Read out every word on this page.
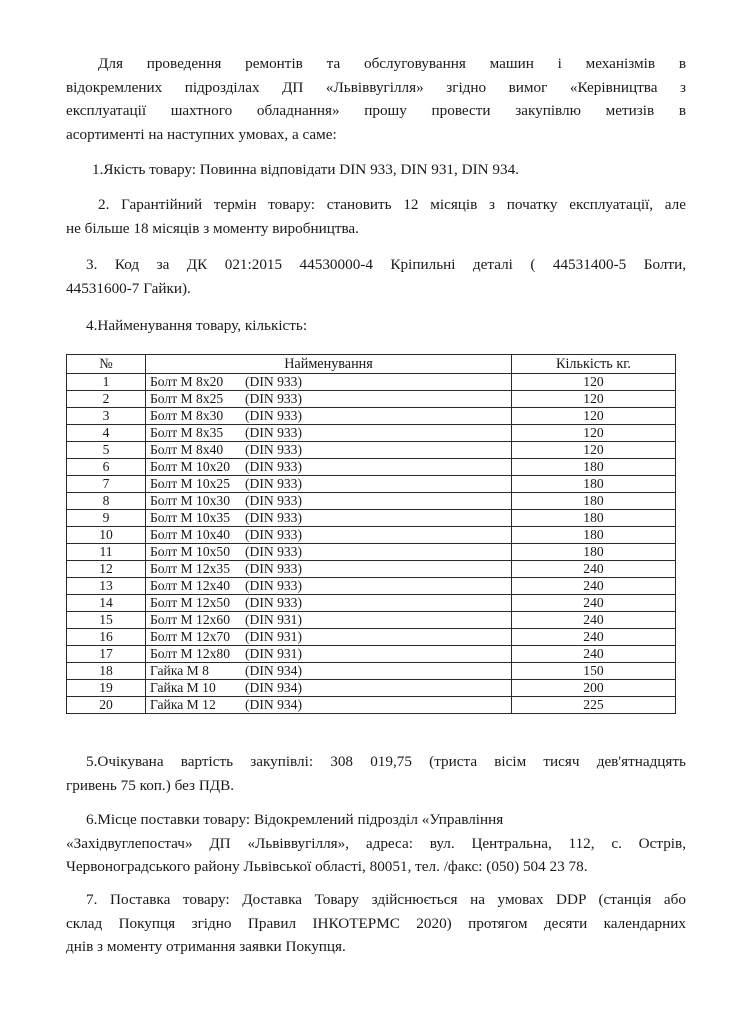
Для проведення ремонтів та обслуговування машин і механізмів в
відокремлених підрозділах ДП «Львіввугілля» згідно вимог «Керівництва з
експлуатації шахтного обладнання» прошу провести закупівлю метизів в
асортименті на наступних умовах, а саме:

1.Якість товару: Повинна відповідати DIN 933, DIN 931, DIN 934.

2. Гарантійний термін товару: становить 12 місяців з початку експлуатації, але
не більше 18 місяців з моменту виробництва.

3. Код за ДК 021:2015 44530000-4 Кріпильні деталі ( 44531400-5 Болти,
44531600-7 Гайки).

4.Найменування товару, кількість:

№	Найменування	Кількість кг.
1	Болт М 8х20 (DIN 933)	120
2	Болт М 8х25 (DIN 933)	120
3	Болт М 8х30 (DIN 933)	120
4	Болт М 8х35 (DIN 933)	120
5	Болт М 8х40 (DIN 933)	120
6	Болт М 10х20 (DIN 933)	180
7	Болт М 10х25 (DIN 933)	180
8	Болт М 10х30 (DIN 933)	180
9	Болт М 10х35 (DIN 933)	180
10	Болт М 10х40 (DIN 933)	180
11	Болт М 10х50 (DIN 933)	180
12	Болт М 12х35 (DIN 933)	240
13	Болт М 12х40 (DIN 933)	240
14	Болт М 12х50 (DIN 933)	240
15	Болт М 12х60 (DIN 931)	240
16	Болт М 12х70 (DIN 931)	240
17	Болт М 12х80 (DIN 931)	240
18	Гайка М 8 (DIN 934)	150
19	Гайка М 10 (DIN 934)	200
20	Гайка М 12 (DIN 934)	225

5.Очікувана вартість закупівлі: 308 019,75 (триста вісім тисяч дев'ятнадцять
гривень 75 коп.) без ПДВ.

6.Місце поставки товару: Відокремлений підрозділ «Управління
«Західвуглепостач» ДП «Львіввугілля», адреса: вул. Центральна, 112, с. Острів,
Червоноградського району Львівської області, 80051, тел. /факс: (050) 504 23 78.

7. Поставка товару: Доставка Товару здійснюється на умовах DDP (станція або
склад Покупця згідно Правил ІНКОТЕРМС 2020) протягом десяти календарних
днів з моменту отримання заявки Покупця.
